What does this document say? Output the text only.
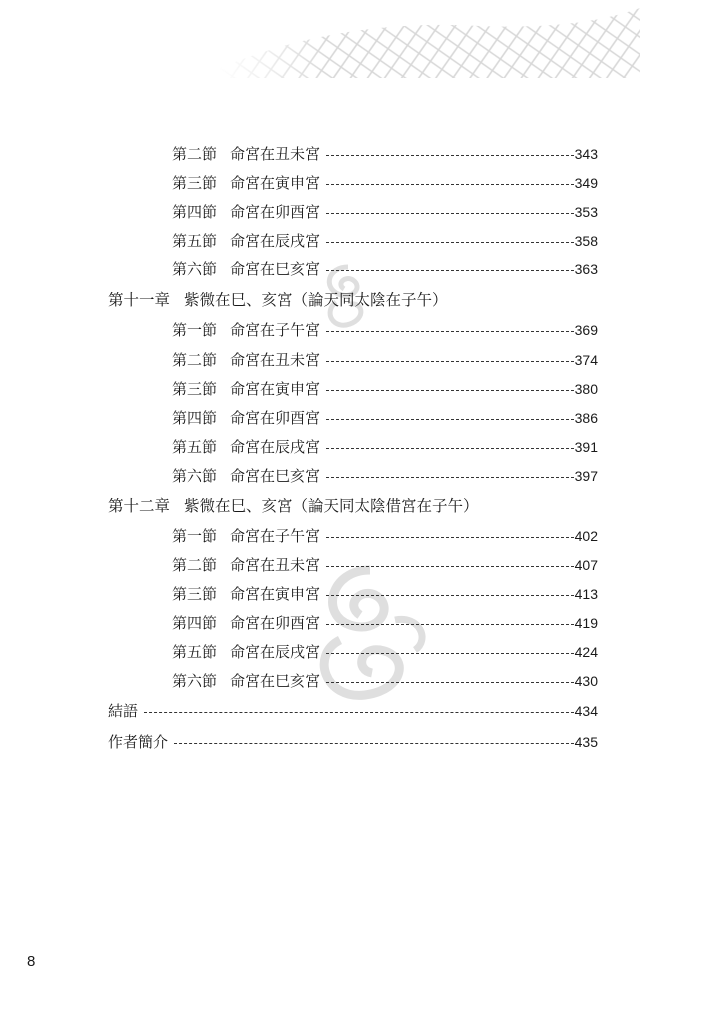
第二節 命宮在丑未宮	343
第三節 命宮在寅申宮	349
第四節 命宮在卯酉宮	353
第五節 命宮在辰戌宮	358
第六節 命宮在巳亥宮	363
第十一章 紫微在巳、亥宮（論天同太陰在子午）
第一節 命宮在子午宮	369
第二節 命宮在丑未宮	374
第三節 命宮在寅申宮	380
第四節 命宮在卯酉宮	386
第五節 命宮在辰戌宮	391
第六節 命宮在巳亥宮	397
第十二章 紫微在巳、亥宮（論天同太陰借宮在子午）
第一節 命宮在子午宮	402
第二節 命宮在丑未宮	407
第三節 命宮在寅申宮	413
第四節 命宮在卯酉宮	419
第五節 命宮在辰戌宮	424
第六節 命宮在巳亥宮	430
結語	434
作者簡介	435
8
